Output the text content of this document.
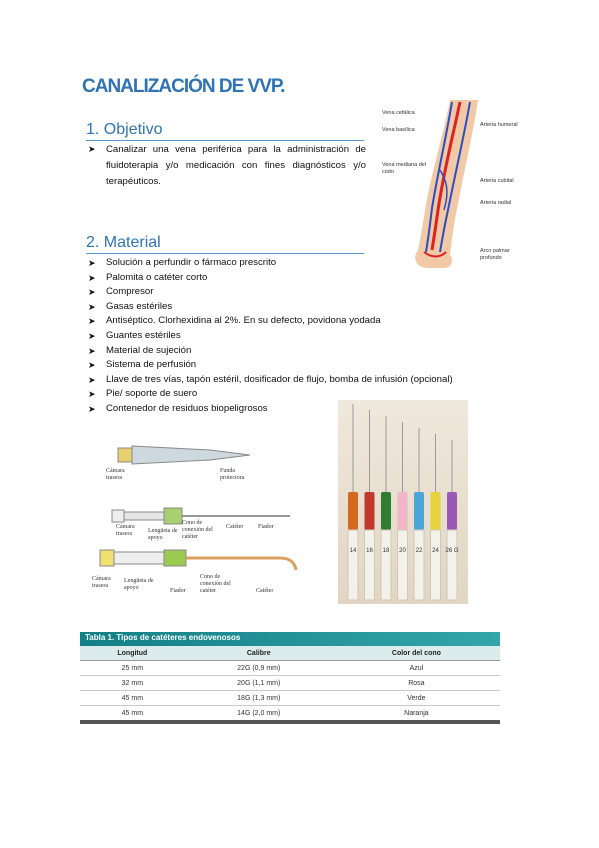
CANALIZACIÓN DE VVP.
1. Objetivo
➤ Canalizar una vena periférica para la administración de fluidoterapia y/o medicación con fines diagnósticos y/o terapéuticos.
Vena cefálica
Vena basílica
Arteria humeral
Vena mediana del codo
Arteria cubital
Arteria radial
Arco palmar profundo
2. Material
➤ Solución a perfundir o fármaco prescrito
➤ Palomita o catéter corto
➤ Compresor
➤ Gasas estériles
➤ Antiséptico. Clorhexidina al 2%. En su defecto, povidona yodada
➤ Guantes estériles
➤ Material de sujeción
➤ Sistema de perfusión
➤ Llave de tres vías, tapón estéril, dosificador de flujo, bomba de infusión (opcional)
➤ Pie/ soporte de suero
➤ Contenedor de residuos biopeligrosos
Cámara trasera
Funda protectora
Cámara trasera	Lengüeta de apoyo
Cono de conexión del catéter
Catéter Fiador
Cámara trasera
Lengüeta de apoyo	Fiador
Cono de conexión del catéter	Catéter
14 16 18 20 22 24 26 G
Tabla 1. Tipos de catéteres endovenosos
Longitud	Calibre	Color del cono
25 mm	22G (0,9 mm)	Azul
32 mm	20G (1,1 mm)	Rosa
45 mm	18G (1,3 mm)	Verde
45 mm	14G (2,0 mm)	Naranja
